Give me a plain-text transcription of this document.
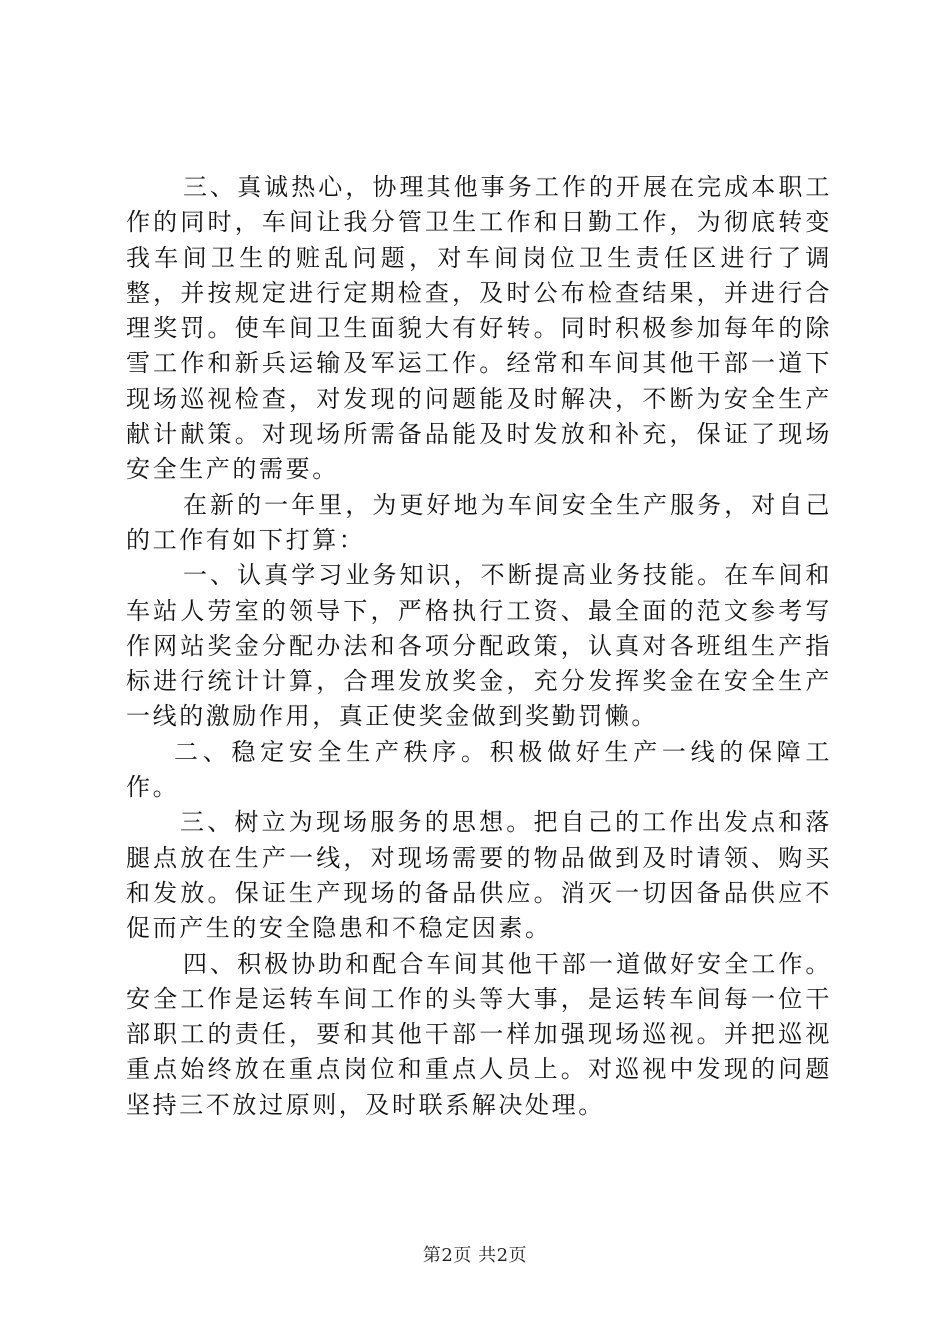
三、真诚热心，协理其他事务工作的开展在完成本职工作的同时，车间让我分管卫生工作和日勤工作，为彻底转变我车间卫生的赃乱问题，对车间岗位卫生责任区进行了调整，并按规定进行定期检查，及时公布检查结果，并进行合理奖罚。使车间卫生面貌大有好转。同时积极参加每年的除雪工作和新兵运输及军运工作。经常和车间其他干部一道下现场巡视检查，对发现的问题能及时解决，不断为安全生产献计献策。对现场所需备品能及时发放和补充，保证了现场安全生产的需要。

在新的一年里，为更好地为车间安全生产服务，对自己的工作有如下打算：

一、认真学习业务知识，不断提高业务技能。在车间和车站人劳室的领导下，严格执行工资、最全面的范文参考写作网站奖金分配办法和各项分配政策，认真对各班组生产指标进行统计计算，合理发放奖金，充分发挥奖金在安全生产一线的激励作用，真正使奖金做到奖勤罚懒。

二、稳定安全生产秩序。积极做好生产一线的保障工作。

三、树立为现场服务的思想。把自己的工作出发点和落腿点放在生产一线，对现场需要的物品做到及时请领、购买和发放。保证生产现场的备品供应。消灭一切因备品供应不促而产生的安全隐患和不稳定因素。

四、积极协助和配合车间其他干部一道做好安全工作。安全工作是运转车间工作的头等大事，是运转车间每一位干部职工的责任，要和其他干部一样加强现场巡视。并把巡视重点始终放在重点岗位和重点人员上。对巡视中发现的问题坚持三不放过原则，及时联系解决处理。

第2页 共2页
